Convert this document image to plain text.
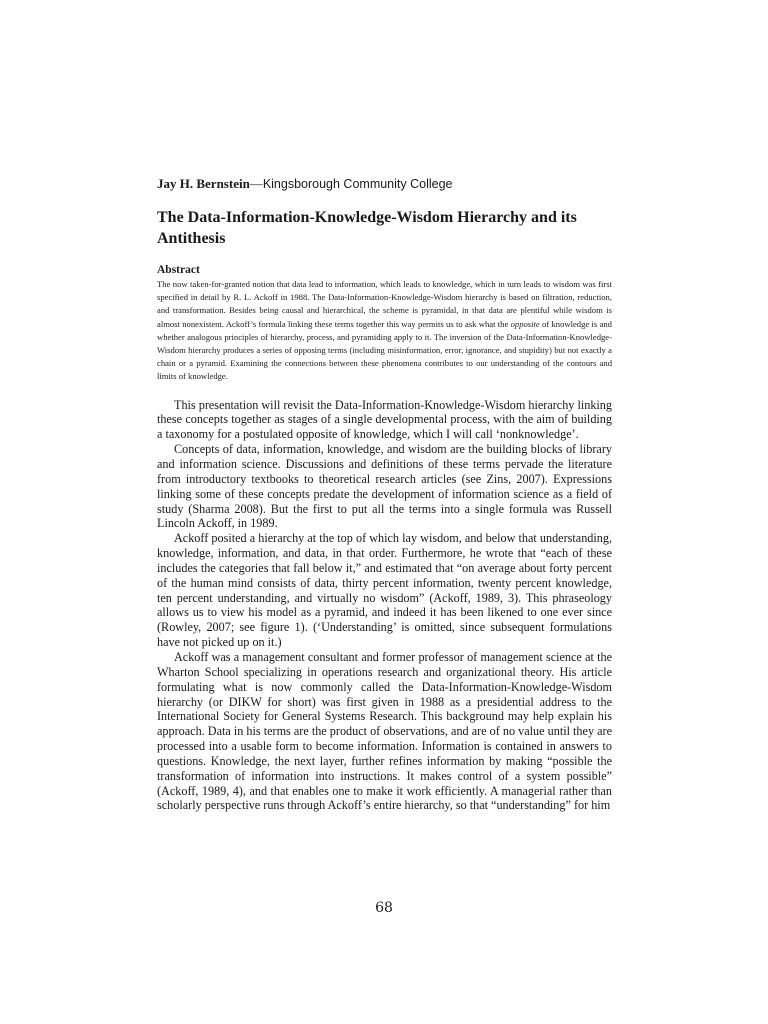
Jay H. Bernstein—Kingsborough Community College

The Data-Information-Knowledge-Wisdom Hierarchy and its Antithesis
Abstract

The now taken-for-granted notion that data lead to information, which leads to knowledge, which in turn leads to wisdom was first specified in detail by R. L. Ackoff in 1988. The Data-Information-Knowledge-Wisdom hierarchy is based on filtration, reduction, and transformation. Besides being causal and hierarchical, the scheme is pyramidal, in that data are plentiful while wisdom is almost nonexistent. Ackoff’s formula linking these terms together this way permits us to ask what the opposite of knowledge is and whether analogous principles of hierarchy, process, and pyramiding apply to it. The inversion of the Data-Information-Knowledge-Wisdom hierarchy produces a series of opposing terms (including misinformation, error, ignorance, and stupidity) but not exactly a chain or a pyramid. Examining the connections between these phenomena contributes to our understanding of the contours and limits of knowledge.

This presentation will revisit the Data-Information-Knowledge-Wisdom hierarchy linking these concepts together as stages of a single developmental process, with the aim of building a taxonomy for a postulated opposite of knowledge, which I will call ‘nonknowledge’.

Concepts of data, information, knowledge, and wisdom are the building blocks of library and information science. Discussions and definitions of these terms pervade the literature from introductory textbooks to theoretical research articles (see Zins, 2007). Expressions linking some of these concepts predate the development of information science as a field of study (Sharma 2008). But the first to put all the terms into a single formula was Russell Lincoln Ackoff, in 1989.

Ackoff posited a hierarchy at the top of which lay wisdom, and below that understanding, knowledge, information, and data, in that order. Furthermore, he wrote that “each of these includes the categories that fall below it,” and estimated that “on average about forty percent of the human mind consists of data, thirty percent information, twenty percent knowledge, ten percent understanding, and virtually no wisdom” (Ackoff, 1989, 3). This phraseology allows us to view his model as a pyramid, and indeed it has been likened to one ever since (Rowley, 2007; see figure 1). (‘Understanding’ is omitted, since subsequent formulations have not picked up on it.)

Ackoff was a management consultant and former professor of management science at the Wharton School specializing in operations research and organizational theory. His article formulating what is now commonly called the Data-Information-Knowledge-Wisdom hierarchy (or DIKW for short) was first given in 1988 as a presidential address to the International Society for General Systems Research. This background may help explain his approach. Data in his terms are the product of observations, and are of no value until they are processed into a usable form to become information. Information is contained in answers to questions. Knowledge, the next layer, further refines information by making “possible the transformation of information into instructions. It makes control of a system possible” (Ackoff, 1989, 4), and that enables one to make it work efficiently. A managerial rather than scholarly perspective runs through Ackoff’s entire hierarchy, so that “understanding” for him

68
